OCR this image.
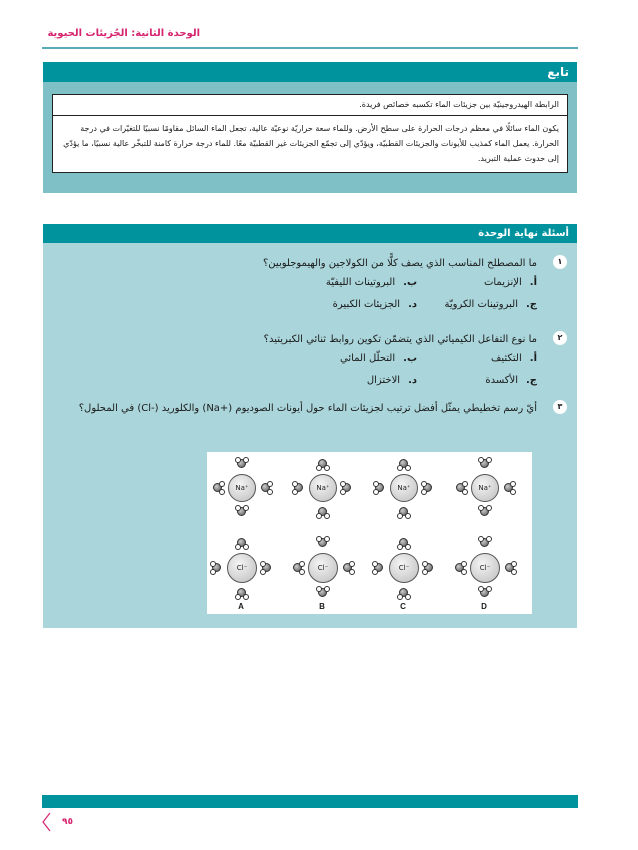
الوحدة الثانية: الجُزيئات الحيوية
تابع
الرابطة الهيدروجينيّة بين جزيئات الماء تكسبه خصائص فريدة.
يكون الماء سائلًا في معظم درجات الحرارة على سطح الأرض. وللماء سعة حراريّة نوعيّة عالية، تجعل الماء السائل مقاومًا نسبيًا للتغيّرات في درجة الحرارة. يعمل الماء كمذيب للأيونات والجزيئات القطبيّة، ويؤدّي إلى تجمّع الجزيئات غير القطبيّة معًا. للماء درجة حرارة كامنة للتبخّر عالية نسبيًا، ما يؤدّي إلى حدوث عملية التبريد.
أسئلة نهاية الوحدة
١
ما المصطلح المناسب الذي يصف كلًّا من الكولاجين والهيموجلوبين؟
أ.الإنزيمات
ب.البروتينات الليفيّة
ج.البروتينات الكرويّة
د.الجزيئات الكبيرة
٢
ما نوع التفاعل الكيميائي الذي يتضمّن تكوين روابط ثنائي الكبريتيد؟
أ.التكثيف
ب.التحلّل المائي
ج.الأكسدة
د.الاختزال
٣
أيّ رسم تخطيطي يمثّل أفضل ترتيب لجزيئات الماء حول أيونات الصوديوم (+Na) والكلوريد (-Cl) في المحلول؟
Na⁺
Cl⁻
A
Na⁺
Cl⁻
B
Na⁺
Cl⁻
C
Na⁺
Cl⁻
D
٩٥
